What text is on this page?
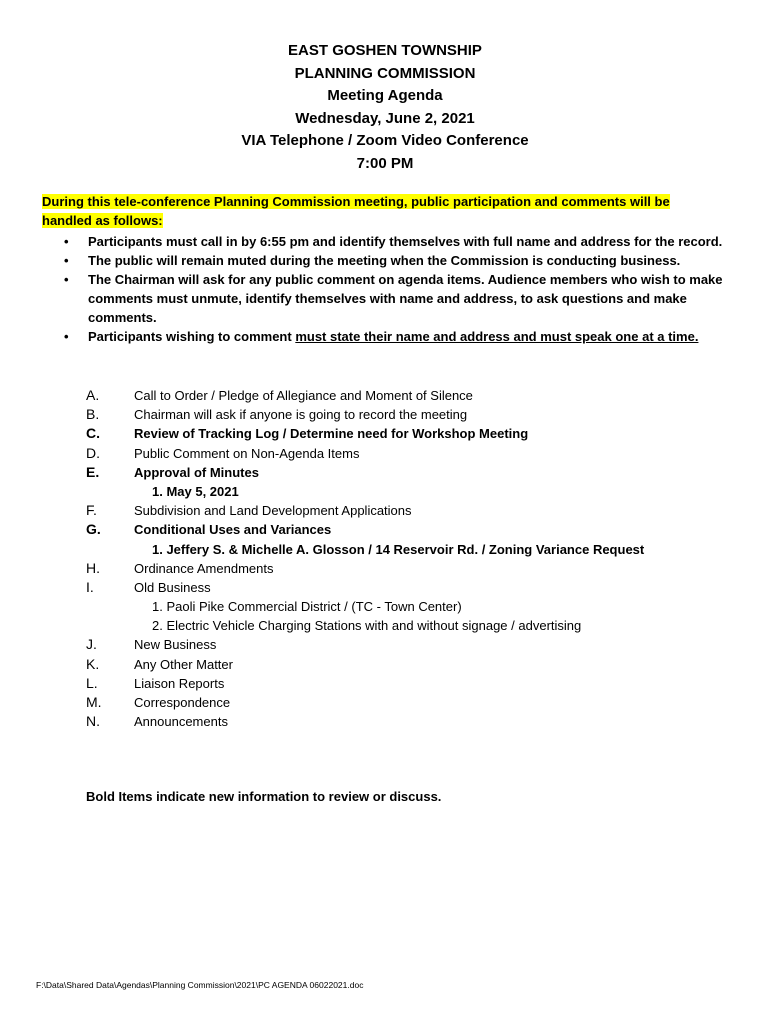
EAST GOSHEN TOWNSHIP
PLANNING COMMISSION
Meeting Agenda
Wednesday, June 2, 2021
VIA Telephone / Zoom Video Conference
7:00 PM
During this tele-conference Planning Commission meeting, public participation and comments will be
handled as follows:
• Participants must call in by 6:55 pm and identify themselves with full name and address for the record.
• The public will remain muted during the meeting when the Commission is conducting business.
• The Chairman will ask for any public comment on agenda items. Audience members who wish to make comments must unmute, identify themselves with name and address, to ask questions and make comments.
• Participants wishing to comment must state their name and address and must speak one at a time.
A.	Call to Order / Pledge of Allegiance and Moment of Silence
B.	Chairman will ask if anyone is going to record the meeting
C.	Review of Tracking Log / Determine need for Workshop Meeting
D.	Public Comment on Non-Agenda Items
E.	Approval of Minutes
1. May 5, 2021
F.	Subdivision and Land Development Applications
G.	Conditional Uses and Variances
1. Jeffery S. & Michelle A. Glosson / 14 Reservoir Rd. / Zoning Variance Request
H.	Ordinance Amendments
I.	Old Business
1. Paoli Pike Commercial District / (TC - Town Center)
2. Electric Vehicle Charging Stations with and without signage / advertising
J.	New Business
K.	Any Other Matter
L.	Liaison Reports
M. Correspondence
N.	Announcements
Bold Items indicate new information to review or discuss.
F:\Data\Shared Data\Agendas\Planning Commission\2021\PC AGENDA 06022021.doc
